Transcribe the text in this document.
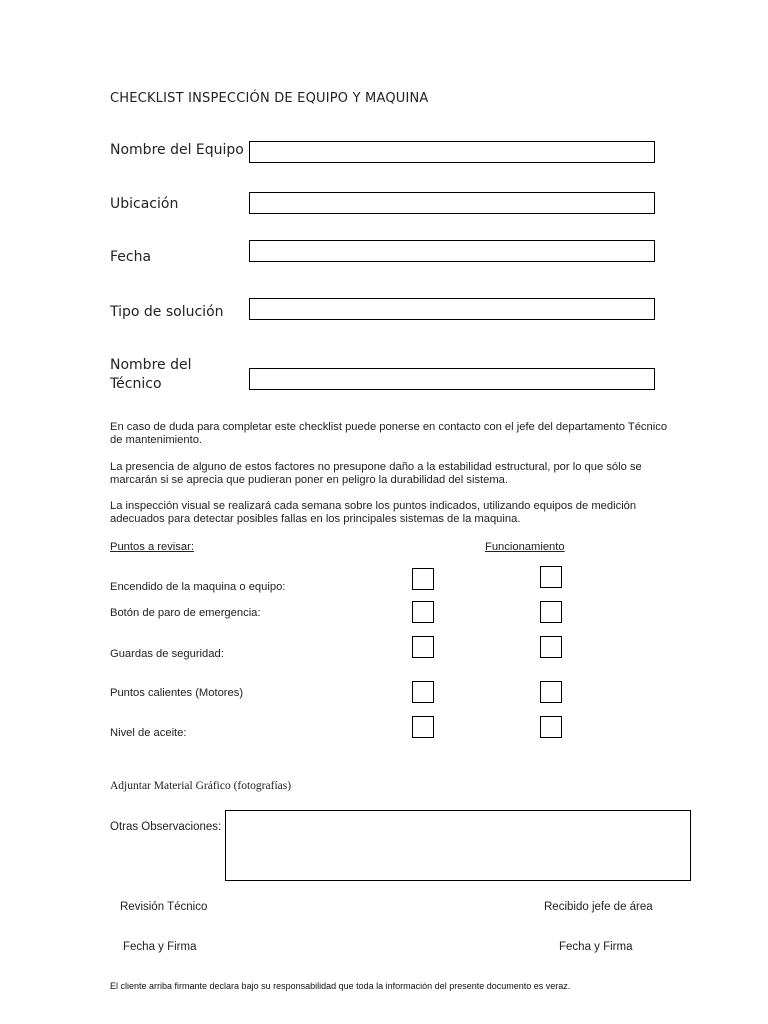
CHECKLIST INSPECCIÓN DE EQUIPO Y MAQUINA
Nombre del Equipo
Ubicación
Fecha
Tipo de solución
Nombre del Técnico
En caso de duda para completar este checklist puede ponerse en contacto con el jefe del departamento Técnico de mantenimiento.
La presencia de alguno de estos factores no presupone daño a la estabilidad estructural, por lo que sólo se marcarán si se aprecia que pudieran poner en peligro la durabilidad del sistema.
La inspección visual se realizará cada semana sobre los puntos indicados, utilizando equipos de medición adecuados para detectar posibles fallas en los principales sistemas de la maquina.
Puntos a revisar:	Funcionamiento
Encendido de la maquina o equipo:
Botón de paro de emergencia:
Guardas de seguridad:
Puntos calientes (Motores)
Nivel de aceite:
Adjuntar Material Gráfico (fotografías)
Otras Observaciones:
Revisión Técnico
Fecha y Firma
Recibido jefe de área
Fecha y Firma
El cliente arriba firmante declara bajo su responsabilidad que toda la información del presente documento es veraz.
